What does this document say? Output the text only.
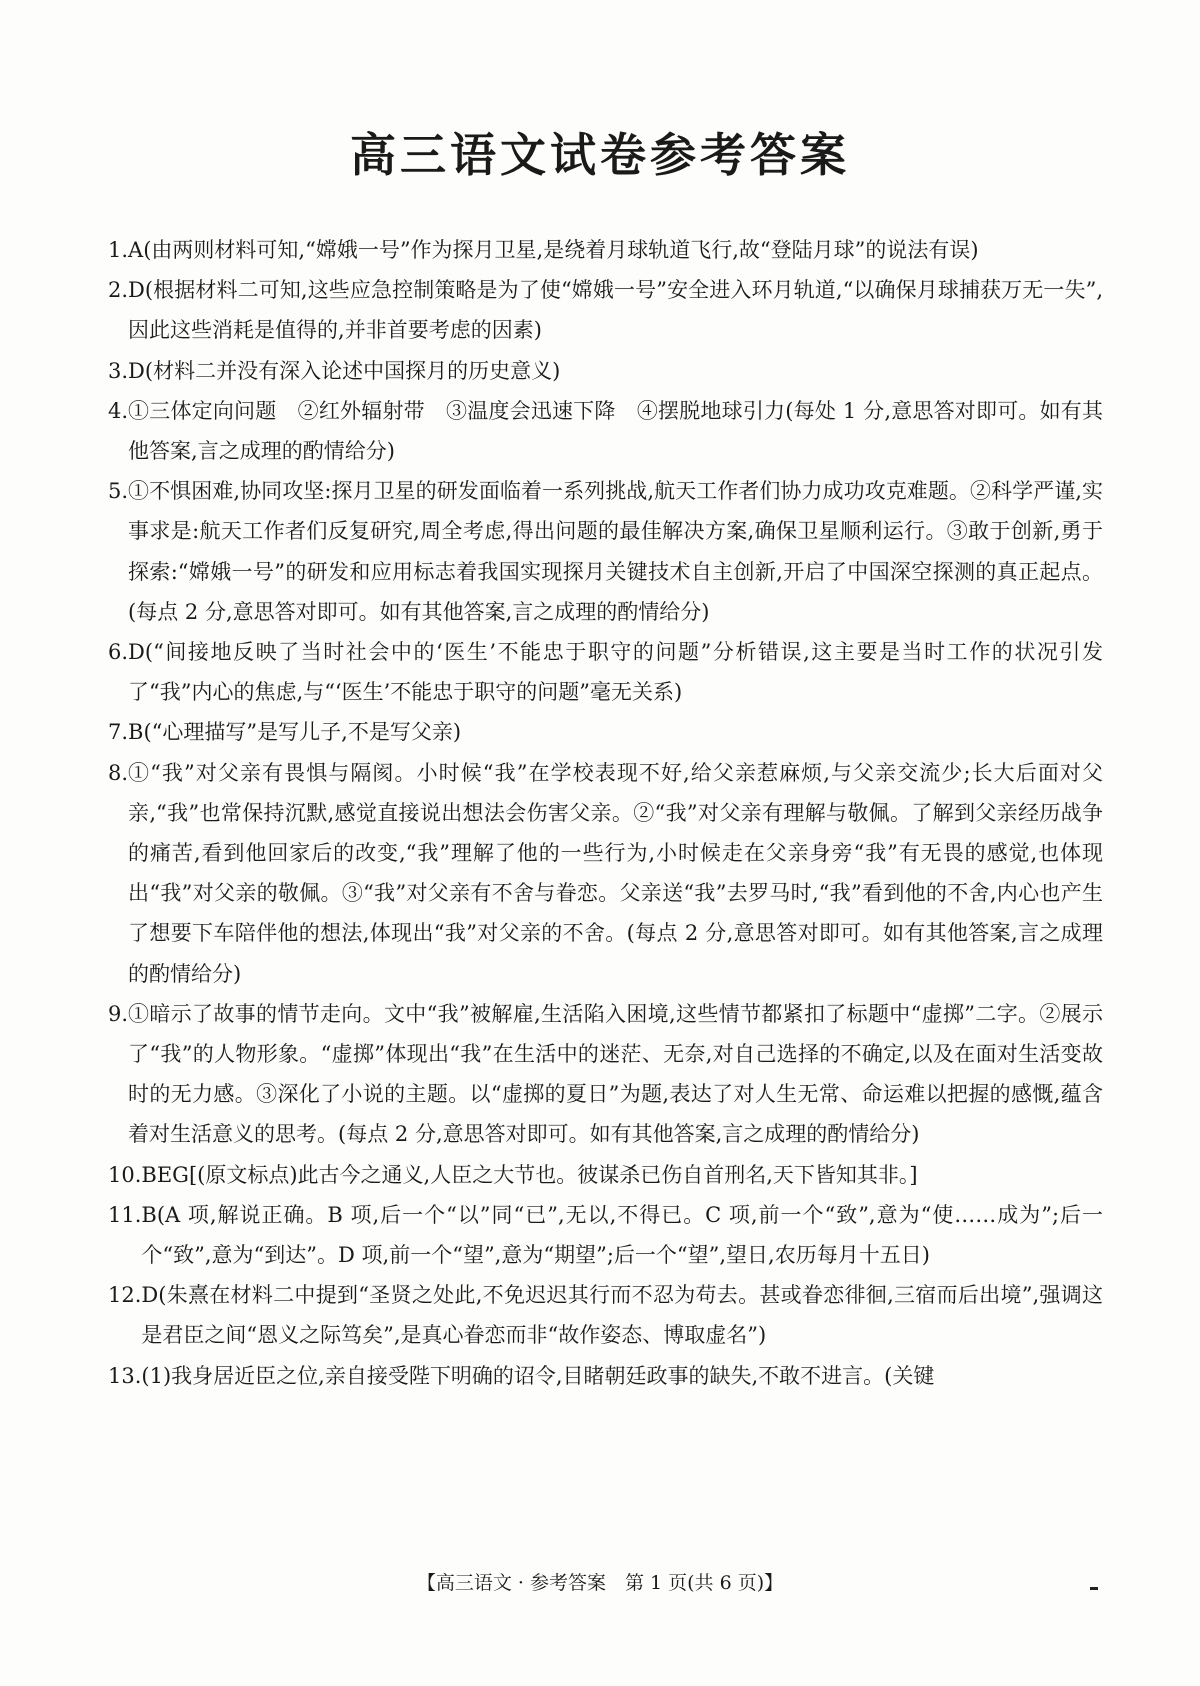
高三语文试卷参考答案
1. A(由两则材料可知,“嫦娥一号”作为探月卫星,是绕着月球轨道飞行,故“登陆月球”的说法有误)
2. D(根据材料二可知,这些应急控制策略是为了使“嫦娥一号”安全进入环月轨道,“以确保月球捕获万无一失”,因此这些消耗是值得的,并非首要考虑的因素)
3. D(材料二并没有深入论述中国探月的历史意义)
4. ①三体定向问题　②红外辐射带　③温度会迅速下降　④摆脱地球引力(每处 1 分,意思答对即可。如有其他答案,言之成理的酌情给分)
5. ①不惧困难,协同攻坚:探月卫星的研发面临着一系列挑战,航天工作者们协力成功攻克难题。②科学严谨,实事求是:航天工作者们反复研究,周全考虑,得出问题的最佳解决方案,确保卫星顺利运行。③敢于创新,勇于探索:“嫦娥一号”的研发和应用标志着我国实现探月关键技术自主创新,开启了中国深空探测的真正起点。(每点 2 分,意思答对即可。如有其他答案,言之成理的酌情给分)
6. D(“间接地反映了当时社会中的‘医生’不能忠于职守的问题”分析错误,这主要是当时工作的状况引发了“我”内心的焦虑,与“‘医生’不能忠于职守的问题”毫无关系)
7. B(“心理描写”是写儿子,不是写父亲)
8. ①“我”对父亲有畏惧与隔阂。小时候“我”在学校表现不好,给父亲惹麻烦,与父亲交流少;长大后面对父亲,“我”也常保持沉默,感觉直接说出想法会伤害父亲。②“我”对父亲有理解与敬佩。了解到父亲经历战争的痛苦,看到他回家后的改变,“我”理解了他的一些行为,小时候走在父亲身旁“我”有无畏的感觉,也体现出“我”对父亲的敬佩。③“我”对父亲有不舍与眷恋。父亲送“我”去罗马时,“我”看到他的不舍,内心也产生了想要下车陪伴他的想法,体现出“我”对父亲的不舍。(每点 2 分,意思答对即可。如有其他答案,言之成理的酌情给分)
9. ①暗示了故事的情节走向。文中“我”被解雇,生活陷入困境,这些情节都紧扣了标题中“虚掷”二字。②展示了“我”的人物形象。“虚掷”体现出“我”在生活中的迷茫、无奈,对自己选择的不确定,以及在面对生活变故时的无力感。③深化了小说的主题。以“虚掷的夏日”为题,表达了对人生无常、命运难以把握的感慨,蕴含着对生活意义的思考。(每点 2 分,意思答对即可。如有其他答案,言之成理的酌情给分)
10. BEG[(原文标点)此古今之通义,人臣之大节也。彼谋杀已伤自首刑名,天下皆知其非。]
11. B(A 项,解说正确。B 项,后一个“以”同“已”,无以,不得已。C 项,前一个“致”,意为“使……成为”;后一个“致”,意为“到达”。D 项,前一个“望”,意为“期望”;后一个“望”,望日,农历每月十五日)
12. D(朱熹在材料二中提到“圣贤之处此,不免迟迟其行而不忍为苟去。甚或眷恋徘徊,三宿而后出境”,强调这是君臣之间“恩义之际笃矣”,是真心眷恋而非“故作姿态、博取虚名”)
13. (1)我身居近臣之位,亲自接受陛下明确的诏令,目睹朝廷政事的缺失,不敢不进言。(关键
【高三语文 · 参考答案　第 1 页(共 6 页)】
